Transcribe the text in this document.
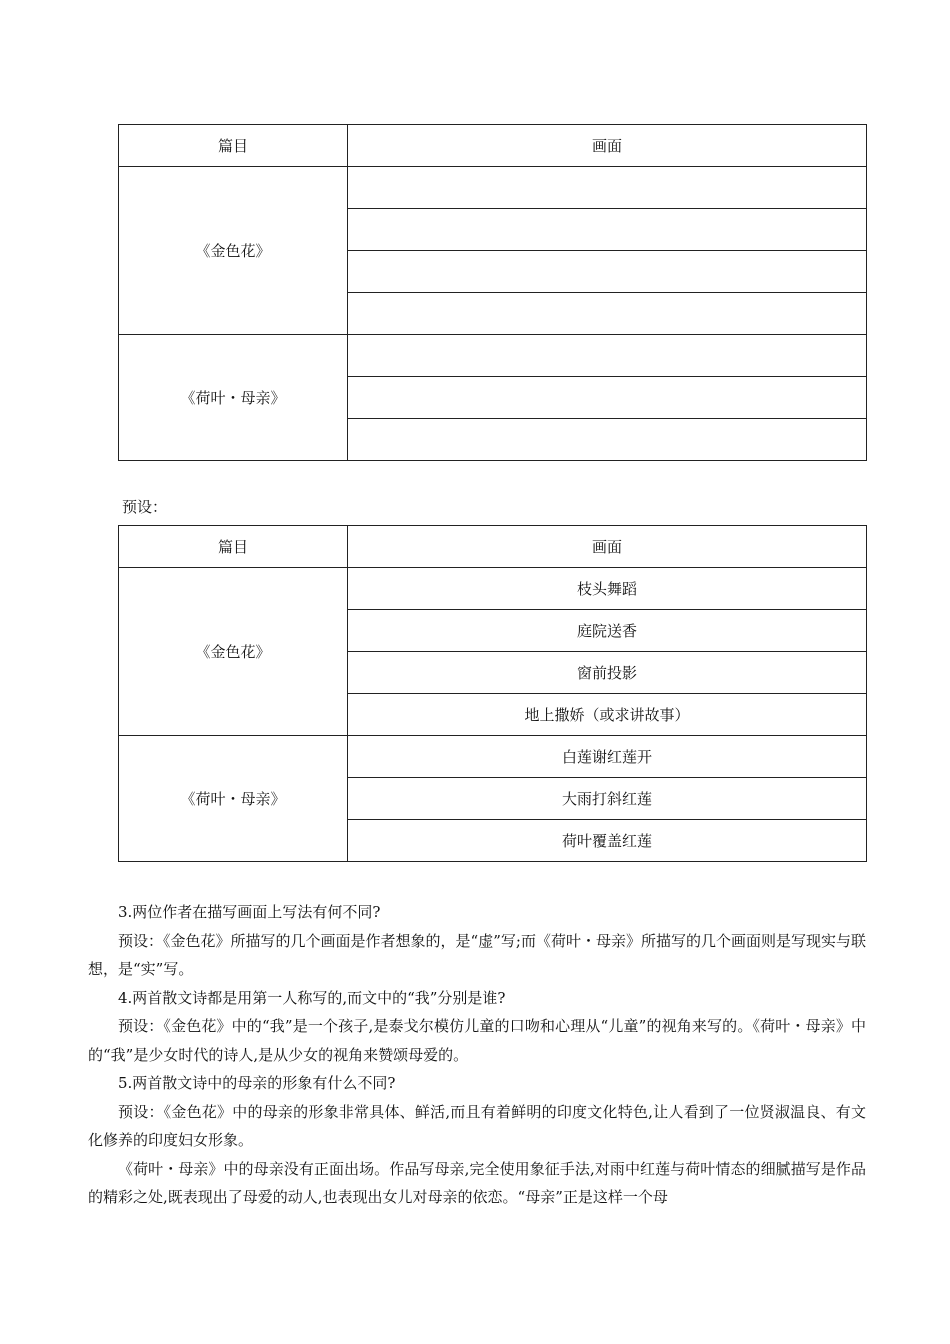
篇目	画面
《金色花》	

《荷叶・母亲》	

预设：
篇目	画面
《金色花》	枝头舞蹈
	庭院送香
	窗前投影
	地上撒娇（或求讲故事）
《荷叶・母亲》	白莲谢红莲开
	大雨打斜红莲
	荷叶覆盖红莲

3.两位作者在描写画面上写法有何不同?

预设：《金色花》所描写的几个画面是作者想象的，是“虚”写;而《荷叶・母亲》所描写的几个画面则是写现实与联想，是“实”写。

4.两首散文诗都是用第一人称写的,而文中的“我”分别是谁?

预设：《金色花》中的“我”是一个孩子,是泰戈尔模仿儿童的口吻和心理从“儿童”的视角来写的。《荷叶・母亲》中的“我”是少女时代的诗人,是从少女的视角来赞颂母爱的。

5.两首散文诗中的母亲的形象有什么不同?

预设：《金色花》中的母亲的形象非常具体、鲜活,而且有着鲜明的印度文化特色,让人看到了一位贤淑温良、有文化修养的印度妇女形象。

《荷叶・母亲》中的母亲没有正面出场。作品写母亲,完全使用象征手法,对雨中红莲与荷叶情态的细腻描写是作品的精彩之处,既表现出了母爱的动人,也表现出女儿对母亲的依恋。“母亲”正是这样一个母
